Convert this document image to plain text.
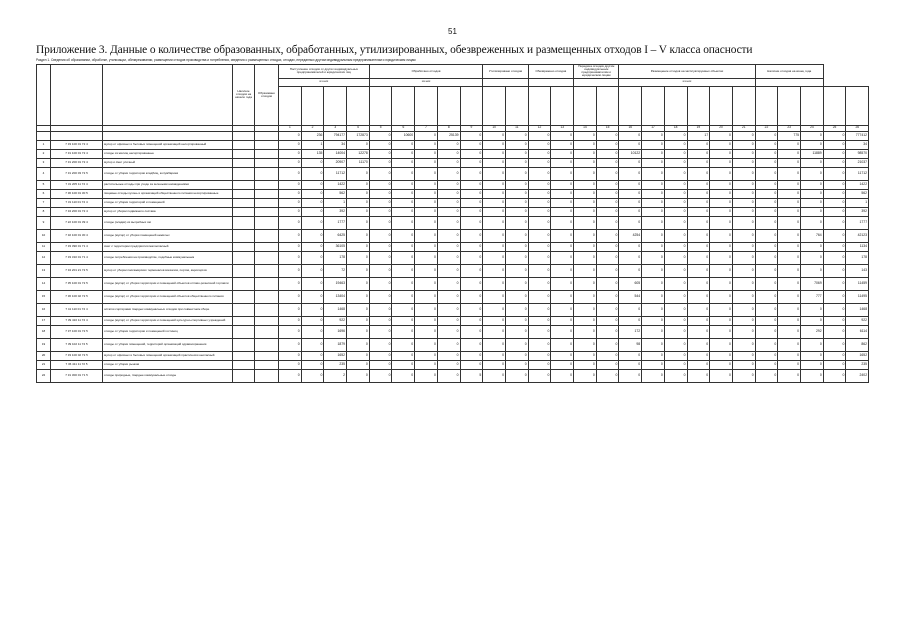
51
Приложение 3. Данные о количестве образованных, обработанных, утилизированных, обезвреженных и размещенных отходов I – V класса опасности
Раздел 1. Сведения об образовании, обработке, утилизации, обезвреживании, размещении отходов производства и потребления, сведения о размещенных отходах, отходах, переданных другим индивидуальным предпринимателям и юридическим лицам
			Наличие отходов на начало года	Образовано отходов	Поступление отходов от других индивидуальных предпринимателей и юридических лиц				Обработано отходов					Утилизировано отходов		Обезврежено отходов		Передача отходов другим индивидуальным предпринимателям и юридическим лицам		Размещение отходов на эксплуатируемых объектах						Наличие отходов на конец года				
					из них				из них											из них										

					1	2	3	4	5	6	7	8	9	10	11	12	13	14	15	16	17	18	19	20	21	22	23	24	25	26
					0	236	794177	172873	0	10600	0	25139	0	0	0	0	0	0	0	0	0	0	17	0	0	0	775	0	0	777412
1	7 33 100 01 72 4	мусор от офисных и бытовых помещений организаций несортированный			0	1	34	0	0	0	0	0	0	0	0	0	0	0	0	0	0	0	0	0	0	0	0	0	0	34
2	7 31 100 01 72 4	отходы из жилищ несортированные			0	135	14004	12278	0	0	0	0	0	0	0	0	0	0	0	10122	0	0	0	0	0	0	0	11889	0	98570
3	7 31 200 01 72 4	мусор и смет уличный			0	0	20907	11170	0	0	0	0	0	0	0	0	0	0	0	0	0	0	0	0	0	0	0	0	0	21037
4	7 31 200 03 72 5	отходы от уборки территории кладбищ, колумбариев			0	0	11712	0	0	0	0	0	0	0	0	0	0	0	0	0	0	0	0	0	0	0	0	0	0	11712
5	7 31 205 11 72 4	растительные отходы при уходе за зелеными насаждениями			0	0	1422	0	0	0	0	0	0	0	0	0	0	0	0	0	0	0	0	0	0	0	0	0	0	1422
6	7 36 100 01 30 5	пищевые отходы кухонь и организаций общественного питания несортированные			0	0	562	0	0	0	0	0	0	0	0	0	0	0	0	0	0	0	0	0	0	0	0	0	0	562
7	7 31 110 01 72 4	отходы от уборки территорий и помещений			0	0	1	0	0	0	0	0	0	0	0	0	0	0	0	0	0	0	0	0	0	0	0	0	0	1
8	7 34 200 01 72 4	мусор от уборки подвижного состава			0	0	392	0	0	0	0	0	0	0	0	0	0	0	0	0	0	0	0	0	0	0	0	0	0	392
9	7 22 100 01 39 4	отходы (осадки) из выгребных ям			0	0	1777	0	0	0	0	0	0	0	0	0	0	0	0	0	0	0	0	0	0	0	0	0	0	1777
10	7 32 100 01 30 4	отходы (мусор) от уборки помещений нежилых			0	0	6425	0	0	0	0	0	0	0	0	0	0	0	0	4254	0	0	0	0	0	0	0	764	0	42123
11	7 33 390 01 71 4	смет с территории предприятия малоопасный			0	0	36105	0	0	0	0	0	0	0	0	0	0	0	0	0	0	0	0	0	0	0	0	0	0	1134
12	7 33 310 01 71 4	отходы потребления на производстве, подобные коммунальным			0	0	178	0	0	0	0	0	0	0	0	0	0	0	0	0	0	0	0	0	0	0	0	0	0	178
13	7 34 201 21 72 5	мусор от уборки пассажирских терминалов вокзалов, портов, аэропортов			0	0	72	0	0	0	0	0	0	0	0	0	0	0	0	0	0	0	0	0	0	0	0	0	0	143
14	7 35 100 01 72 5	отходы (мусор) от уборки территории и помещений объектов оптово-розничной торговли			0	0	19463	0	0	0	0	0	0	0	0	0	0	0	0	605	0	0	0	0	0	0	0	7069	0	11459
15	7 36 100 02 72 5	отходы (мусор) от уборки территории и помещений объектов общественного питания			0	0	13404	0	0	0	0	0	0	0	0	0	0	0	0	544	0	0	0	0	0	0	0	777	0	11495
16	7 41 110 01 72 4	остатки сортировки твердых коммунальных отходов при совместном сборе			0	0	1468	0	0	0	0	0	0	0	0	0	0	0	0	0	0	0	0	0	0	0	0	0	0	1468
17	7 39 410 11 72 4	отходы (мусор) от уборки территории и помещений культурно-спортивных учреждений			0	0	922	0	0	0	0	0	0	0	0	0	0	0	0	0	0	0	0	0	0	0	0	0	0	922
18	7 37 100 01 72 5	отходы от уборки территории и помещений гостиниц			0	0	1696	0	0	0	0	0	0	0	0	0	0	0	0	172	0	0	0	0	0	0	0	292	0	6114
19	7 39 102 11 72 5	отходы от уборки помещений, территорий организаций здравоохранения			0	0	1879	0	0	0	0	0	0	0	0	0	0	0	0	98	0	0	0	0	0	0	0	0	0	862
20	7 33 100 02 72 5	мусор от офисных и бытовых помещений организаций практически неопасный			0	0	1652	0	0	0	0	0	0	0	0	0	0	0	0	0	0	0	0	0	0	0	0	0	0	1652
21	7 36 411 11 72 5	отходы от уборки рынков			0	0	235	0	0	0	0	0	0	0	0	0	0	0	0	0	0	0	0	0	0	0	0	0	0	235
22	7 31 300 01 71 5	отходы природные, твердые коммунальные отходы			0	0	2	0	0	0	0	0	5	0	0	0	0	0	0	0	0	0	0	0	0	0	0	0	0	2402
